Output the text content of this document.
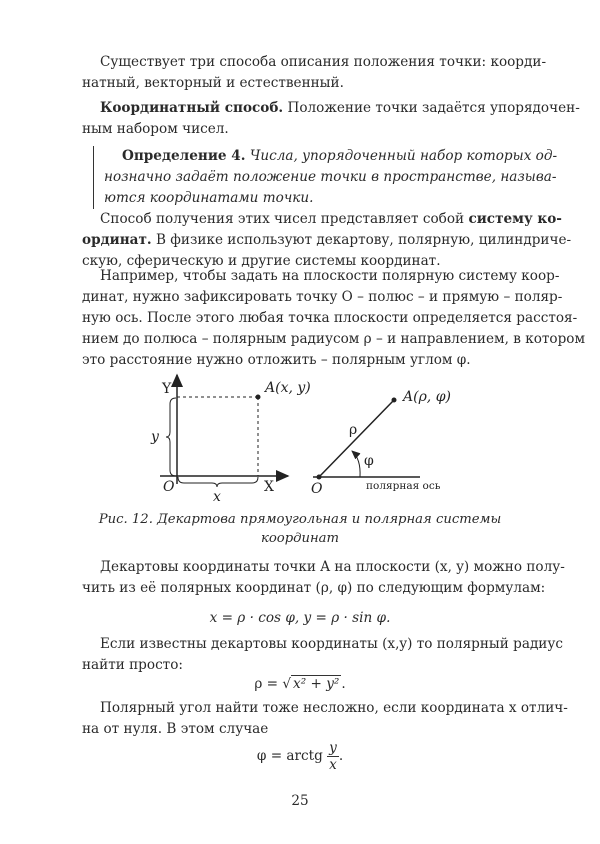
Существует три способа описания положения точки: коорди-
натный, векторный и естественный.
Координатный способ. Положение точки задаётся упорядочен-
ным набором чисел.
Определение 4. Числа, упорядоченный набор которых од-
нозначно задаёт положение точки в пространстве, называ-
ются координатами точки.
Способ получения этих чисел представляет собой систему ко-
ординат. В физике используют декартову, полярную, цилиндриче-
скую, сферическую и другие системы координат.
Например, чтобы задать на плоскости полярную систему коор-
динат, нужно зафиксировать точку O – полюс – и прямую – поляр-
ную ось. После этого любая точка плоскости определяется расстоя-
нием до полюса – полярным радиусом ρ – и направлением, в котором
это расстояние нужно отложить – полярным углом φ.
Y
X
O
A(x, y)
y
x
A(ρ, φ)
ρ
φ
O	полярная ось
Рис. 12. Декартова прямоугольная и полярная системы
координат
Декартовы координаты точки A на плоскости (x, y) можно полу-
чить из её полярных координат (ρ, φ) по следующим формулам:
x = ρ · cos φ, y = ρ · sin φ.
Если известны декартовы координаты (x,y) то полярный радиус
найти просто:
ρ = √ x² + y² .
Полярный угол найти тоже несложно, если координата x отлич-
на от нуля. В этом случае
φ = arctg $\frac{y}{x}$ .
25
